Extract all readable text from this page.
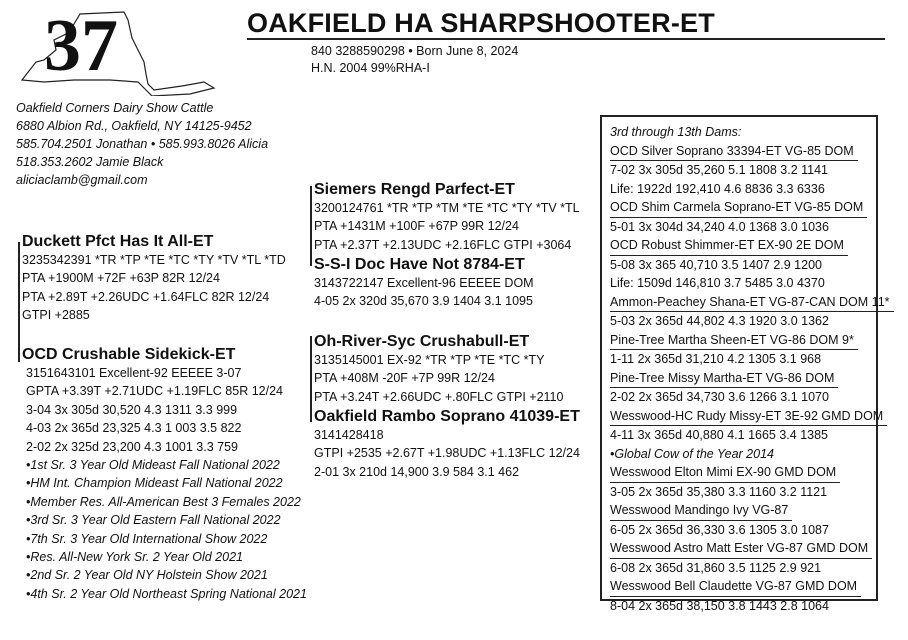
37	OAKFIELD HA SHARPSHOOTER-ET
840 3288590298 • Born June 8, 2024
H.N. 2004 99%RHA-I
Oakfield Corners Dairy Show Cattle
6880 Albion Rd., Oakfield, NY 14125-9452
585.704.2501 Jonathan • 585.993.8026 Alicia
518.353.2602 Jamie Black
aliciaclamb@gmail.com
Duckett Pfct Has It All-ET
3235342391 *TR *TP *TE *TC *TY *TV *TL *TD
PTA +1900M +72F +63P 82R 12/24
PTA +2.89T +2.26UDC +1.64FLC 82R 12/24
GTPI +2885
Siemers Rengd Parfect-ET
3200124761 *TR *TP *TM *TE *TC *TY *TV *TL
PTA +1431M +100F +67P 99R 12/24
PTA +2.37T +2.13UDC +2.16FLC GTPI +3064
S-S-I Doc Have Not 8784-ET
3143722147 Excellent-96 EEEEE DOM
4-05 2x 320d 35,670 3.9 1404 3.1 1095
OCD Crushable Sidekick-ET
3151643101 Excellent-92 EEEEE 3-07
GPTA +3.39T +2.71UDC +1.19FLC 85R 12/24
3-04 3x 305d 30,520 4.3 1311 3.3 999
4-03 2x 365d 23,325 4.3 1 003 3.5 822
2-02 2x 325d 23,200 4.3 1001 3.3 759
•1st Sr. 3 Year Old Mideast Fall National 2022
•HM Int. Champion Mideast Fall National 2022
•Member Res. All-American Best 3 Females 2022
•3rd Sr. 3 Year Old Eastern Fall National 2022
•7th Sr. 3 Year Old International Show 2022
•Res. All-New York Sr. 2 Year Old 2021
•2nd Sr. 2 Year Old NY Holstein Show 2021
•4th Sr. 2 Year Old Northeast Spring National 2021
Oh-River-Syc Crushabull-ET
3135145001 EX-92 *TR *TP *TE *TC *TY
PTA +408M -20F +7P 99R 12/24
PTA +3.24T +2.66UDC +.80FLC GTPI +2110
Oakfield Rambo Soprano 41039-ET
3141428418
GTPI +2535 +2.67T +1.98UDC +1.13FLC 12/24
2-01 3x 210d 14,900 3.9 584 3.1 462
3rd through 13th Dams:
OCD Silver Soprano 33394-ET VG-85 DOM
7-02 3x 305d 35,260 5.1 1808 3.2 1141
Life: 1922d 192,410 4.6 8836 3.3 6336
OCD Shim Carmela Soprano-ET VG-85 DOM
5-01 3x 304d 34,240 4.0 1368 3.0 1036
OCD Robust Shimmer-ET EX-90 2E DOM
5-08 3x 365 40,710 3.5 1407 2.9 1200
Life: 1509d 146,810 3.7 5485 3.0 4370
Ammon-Peachey Shana-ET VG-87-CAN DOM 11*
5-03 2x 365d 44,802 4.3 1920 3.0 1362
Pine-Tree Martha Sheen-ET VG-86 DOM 9*
1-11 2x 365d 31,210 4.2 1305 3.1 968
Pine-Tree Missy Martha-ET VG-86 DOM
2-02 2x 365d 34,730 3.6 1266 3.1 1070
Wesswood-HC Rudy Missy-ET 3E-92 GMD DOM
4-11 3x 365d 40,880 4.1 1665 3.4 1385
•Global Cow of the Year 2014
Wesswood Elton Mimi EX-90 GMD DOM
3-05 2x 365d 35,380 3.3 1160 3.2 1121
Wesswood Mandingo Ivy VG-87
6-05 2x 365d 36,330 3.6 1305 3.0 1087
Wesswood Astro Matt Ester VG-87 GMD DOM
6-08 2x 365d 31,860 3.5 1125 2.9 921
Wesswood Bell Claudette VG-87 GMD DOM
8-04 2x 365d 38,150 3.8 1443 2.8 1064
